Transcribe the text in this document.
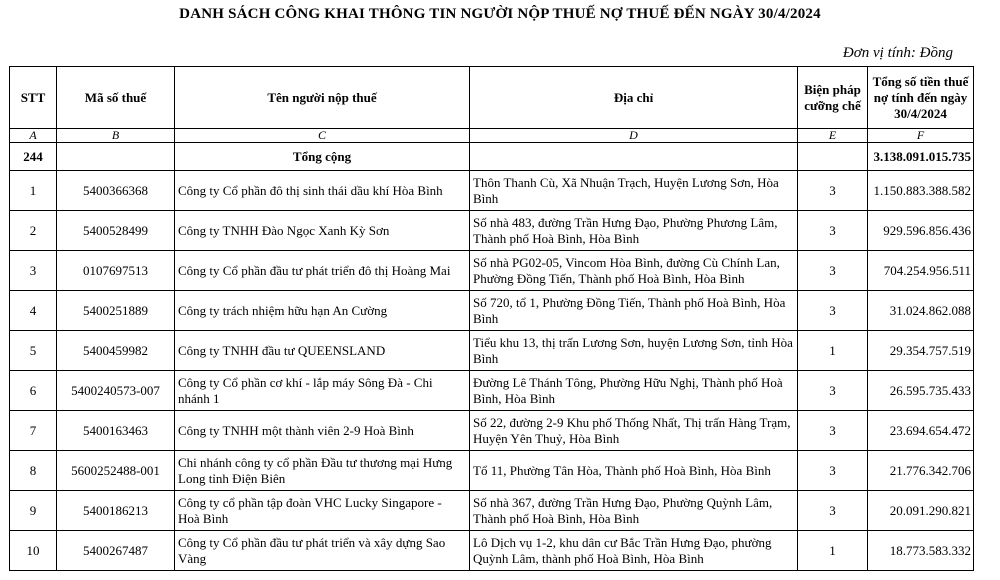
DANH SÁCH CÔNG KHAI THÔNG TIN NGƯỜI NỘP THUẾ NỢ THUẾ ĐẾN NGÀY 30/4/2024
Đơn vị tính: Đồng
STT	Mã số thuế	Tên người nộp thuế	Địa chỉ	Biện pháp cưỡng chế	Tổng số tiền thuế nợ tính đến ngày 30/4/2024
A	B	C	D	E	F
244		Tổng cộng			3.138.091.015.735
1	5400366368	Công ty Cổ phần đô thị sinh thái dầu khí Hòa Bình	Thôn Thanh Cù, Xã Nhuận Trạch, Huyện Lương Sơn, Hòa Bình	3	1.150.883.388.582
2	5400528499	Công ty TNHH Đào Ngọc Xanh Kỳ Sơn	Số nhà 483, đường Trần Hưng Đạo, Phường Phương Lâm, Thành phố Hoà Bình, Hòa Bình	3	929.596.856.436
3	0107697513	Công ty Cổ phần đầu tư phát triển đô thị Hoàng Mai	Số nhà PG02-05, Vincom Hòa Bình, đường Cù Chính Lan, Phường Đồng Tiến, Thành phố Hoà Bình, Hòa Bình	3	704.254.956.511
4	5400251889	Công ty trách nhiệm hữu hạn An Cường	Số 720, tổ 1, Phường Đồng Tiến, Thành phố Hoà Bình, Hòa Bình	3	31.024.862.088
5	5400459982	Công ty TNHH đầu tư QUEENSLAND	Tiểu khu 13, thị trấn Lương Sơn, huyện Lương Sơn, tỉnh Hòa Bình	1	29.354.757.519
6	5400240573-007	Công ty Cổ phần cơ khí - lắp máy Sông Đà - Chi nhánh 1	Đường Lê Thánh Tông, Phường Hữu Nghị, Thành phố Hoà Bình, Hòa Bình	3	26.595.735.433
7	5400163463	Công ty TNHH một thành viên 2-9 Hoà Bình	Số 22, đường 2-9 Khu phố Thống Nhất, Thị trấn Hàng Trạm, Huyện Yên Thuỷ, Hòa Bình	3	23.694.654.472
8	5600252488-001	Chi nhánh công ty cổ phần Đầu tư thương mại Hưng Long tỉnh Điện Biên	Tổ 11, Phường Tân Hòa, Thành phố Hoà Bình, Hòa Bình	3	21.776.342.706
9	5400186213	Công ty cổ phần tập đoàn VHC Lucky Singapore - Hoà Bình	Số nhà 367, đường Trần Hưng Đạo, Phường Quỳnh Lâm, Thành phố Hoà Bình, Hòa Bình	3	20.091.290.821
10	5400267487	Công ty Cổ phần đầu tư phát triển và xây dựng Sao Vàng	Lô Dịch vụ 1-2, khu dân cư Bắc Trần Hưng Đạo, phường Quỳnh Lâm, thành phố Hoà Bình, Hòa Bình	1	18.773.583.332
